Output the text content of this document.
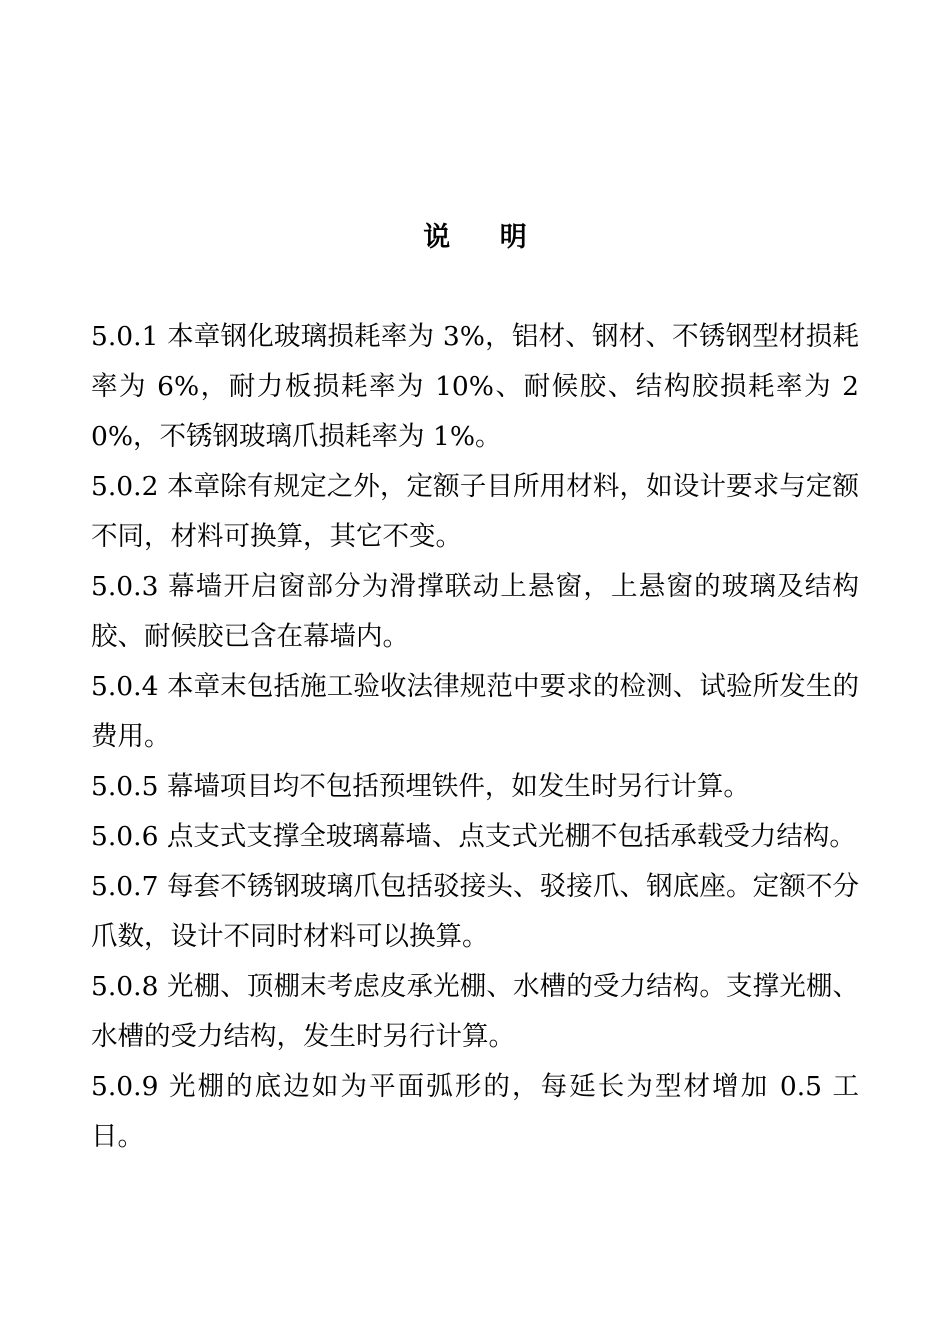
说 明

5.0.1 本章钢化玻璃损耗率为 3%，铝材、钢材、不锈钢型材损耗率为 6%，耐力板损耗率为 10%、耐候胶、结构胶损耗率为 20%，不锈钢玻璃爪损耗率为 1%。

5.0.2 本章除有规定之外，定额子目所用材料，如设计要求与定额不同，材料可换算，其它不变。

5.0.3 幕墙开启窗部分为滑撑联动上悬窗，上悬窗的玻璃及结构胶、耐候胶已含在幕墙内。

5.0.4 本章末包括施工验收法律规范中要求的检测、试验所发生的费用。

5.0.5 幕墙项目均不包括预埋铁件，如发生时另行计算。

5.0.6 点支式支撑全玻璃幕墙、点支式光棚不包括承载受力结构。

5.0.7 每套不锈钢玻璃爪包括驳接头、驳接爪、钢底座。定额不分爪数，设计不同时材料可以换算。

5.0.8 光棚、顶棚末考虑皮承光棚、水槽的受力结构。支撑光棚、水槽的受力结构，发生时另行计算。

5.0.9 光棚的底边如为平面弧形的，每延长为型材增加 0.5 工日。
